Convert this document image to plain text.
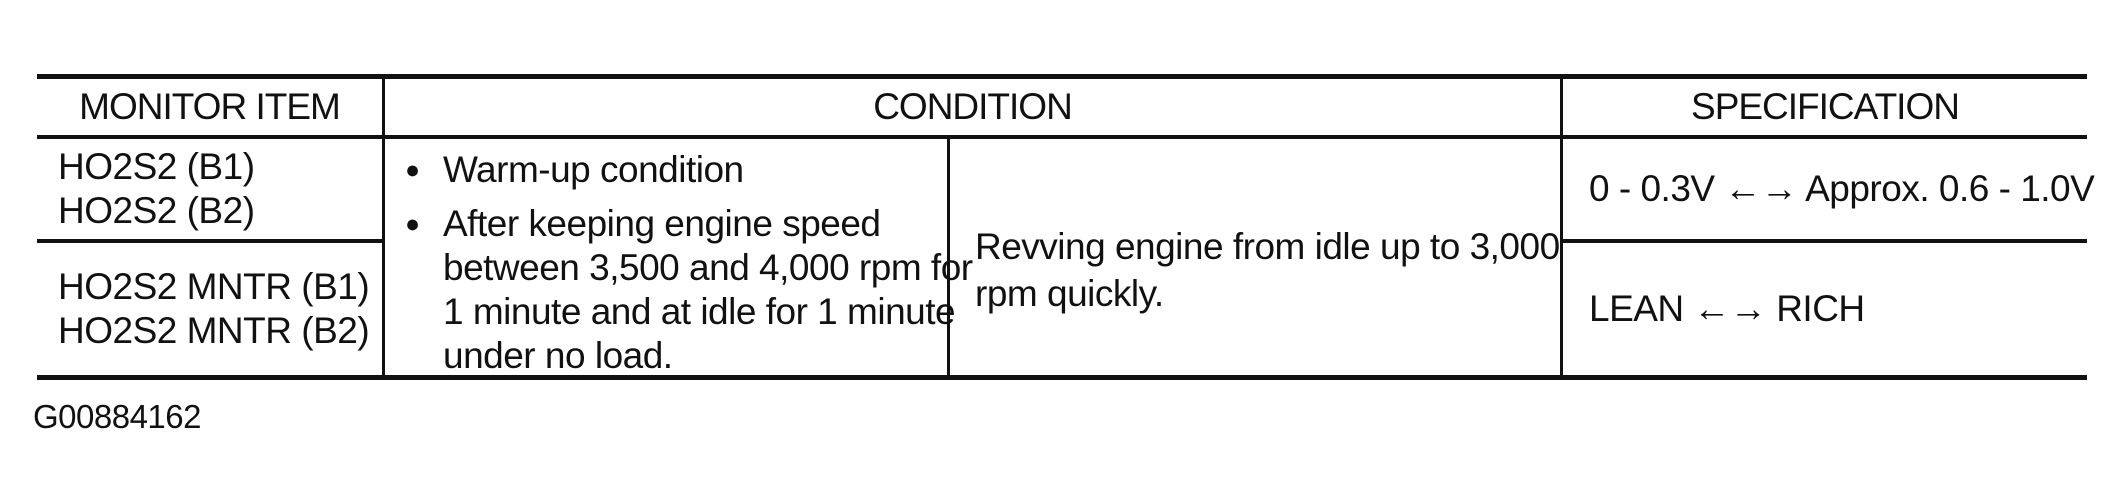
MONITOR ITEM	CONDITION	SPECIFICATION
HO2S2 (B1)
HO2S2 (B2)
HO2S2 MNTR (B1)
HO2S2 MNTR (B2)
● Warm-up condition
● After keeping engine speed
between 3,500 and 4,000 rpm for
1 minute and at idle for 1 minute
under no load.
Revving engine from idle up to 3,000
rpm quickly.
0 - 0.3V ←→ Approx. 0.6 - 1.0V
LEAN ←→ RICH
G00884162
